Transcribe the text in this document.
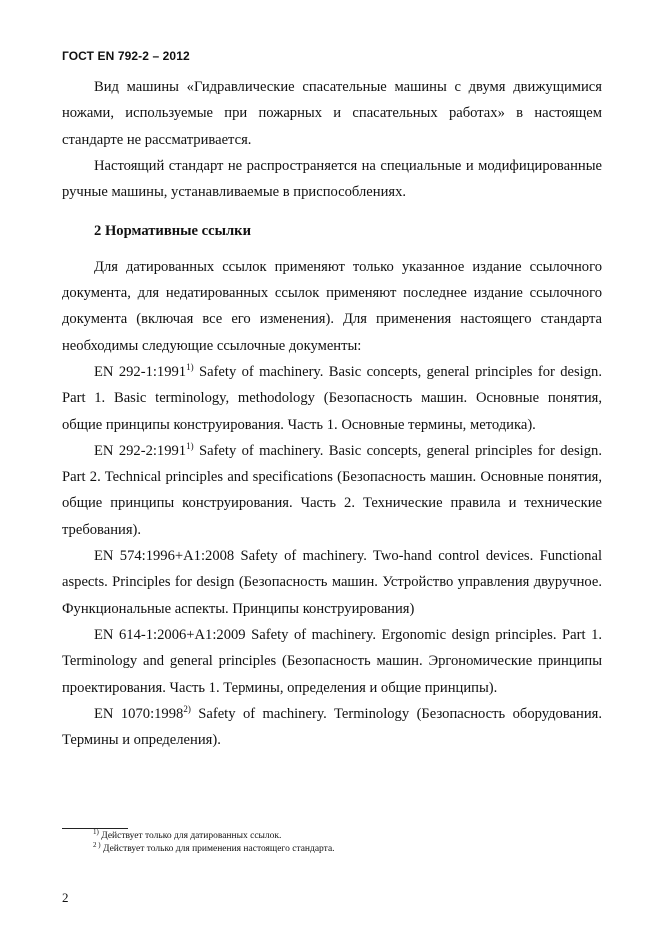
ГОСТ EN 792-2 – 2012

Вид машины «Гидравлические спасательные машины с двумя движущимися ножами, используемые при пожарных и спасательных работах» в настоящем стандарте не рассматривается.

Настоящий стандарт не распространяется на специальные и модифицированные ручные машины, устанавливаемые в приспособлениях.

2 Нормативные ссылки

Для датированных ссылок применяют только указанное издание ссылочного документа, для недатированных ссылок применяют последнее издание ссылочного документа (включая все его изменения). Для применения настоящего стандарта необходимы следующие ссылочные документы:

EN 292-1:1991$^{1)}$ Safety of machinery. Basic concepts, general principles for design. Part 1. Basic terminology, methodology (Безопасность машин. Основные понятия, общие принципы конструирования. Часть 1. Основные термины, методика).

EN 292-2:1991$^{1)}$ Safety of machinery. Basic concepts, general principles for design. Part 2. Technical principles and specifications (Безопасность машин. Основные понятия, общие принципы конструирования. Часть 2. Технические правила и технические требования).

EN 574:1996+A1:2008 Safety of machinery. Two-hand control devices. Functional aspects. Principles for design (Безопасность машин. Устройство управления двуручное. Функциональные аспекты. Принципы конструирования)

EN 614-1:2006+A1:2009 Safety of machinery. Ergonomic design principles. Part 1. Terminology and general principles (Безопасность машин. Эргономические принципы проектирования. Часть 1. Термины, определения и общие принципы).

EN 1070:1998$^{2)}$ Safety of machinery. Terminology (Безопасность оборудования. Термины и определения).

$^{1)}$ Действует только для датированных ссылок.
$^{2 )}$ Действует только для применения настоящего стандарта.
2
